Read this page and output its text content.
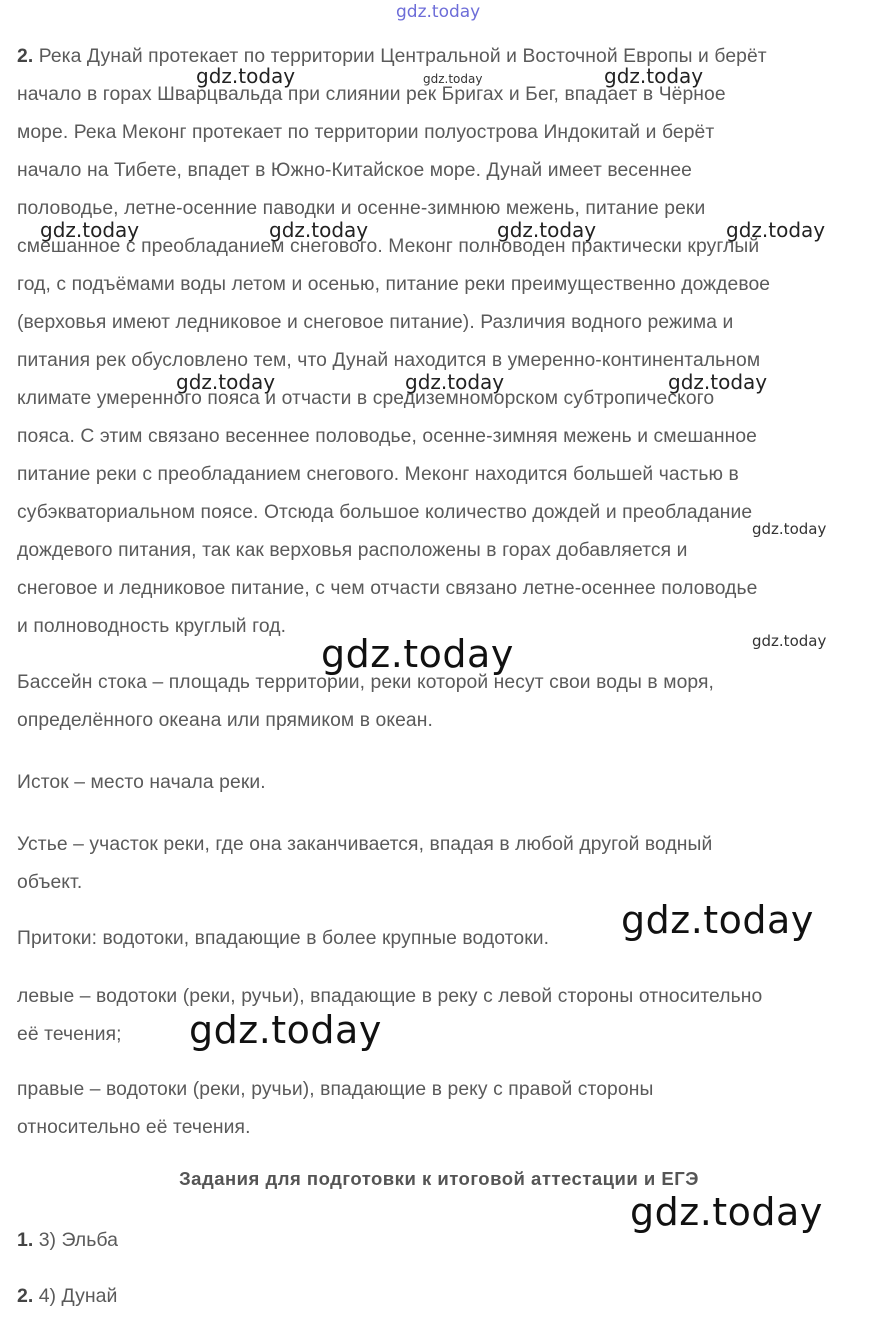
gdz.today
2. Река Дунай протекает по территории Центральной и Восточной Европы и берёт
начало в горах Шварцвальда при слиянии рек Бригах и Бег, впадает в Чёрное
море. Река Меконг протекает по территории полуострова Индокитай и берёт
начало на Тибете, впадет в Южно-Китайское море. Дунай имеет весеннее
половодье, летне-осенние паводки и осенне-зимнюю межень, питание реки
смешанное с преобладанием снегового. Меконг полноводен практически круглый
год, с подъёмами воды летом и осенью, питание реки преимущественно дождевое
(верховья имеют ледниковое и снеговое питание). Различия водного режима и
питания рек обусловлено тем, что Дунай находится в умеренно-континентальном
климате умеренного пояса и отчасти в средиземноморском субтропического
пояса. С этим связано весеннее половодье, осенне-зимняя межень и смешанное
питание реки с преобладанием снегового. Меконг находится большей частью в
субэкваториальном поясе. Отсюда большое количество дождей и преобладание
дождевого питания, так как верховья расположены в горах добавляется и
снеговое и ледниковое питание, с чем отчасти связано летне-осеннее половодье
и полноводность круглый год.
Бассейн стока – площадь территории, реки которой несут свои воды в моря,
определённого океана или прямиком в океан.
Исток – место начала реки.
Устье – участок реки, где она заканчивается, впадая в любой другой водный
объект.
Притоки: водотоки, впадающие в более крупные водотоки.
левые – водотоки (реки, ручьи), впадающие в реку с левой стороны относительно
её течения;
правые – водотоки (реки, ручьи), впадающие в реку с правой стороны
относительно её течения.
Задания для подготовки к итоговой аттестации и ЕГЭ
1. 3) Эльба
2. 4) Дунай
gdz.today	gdz.today	gdz.today
gdz.today	gdz.today	gdz.today	gdz.today
gdz.today	gdz.today	gdz.today
gdz.today
gdz.today
gdz.today
gdz.today
gdz.today
gdz.today
